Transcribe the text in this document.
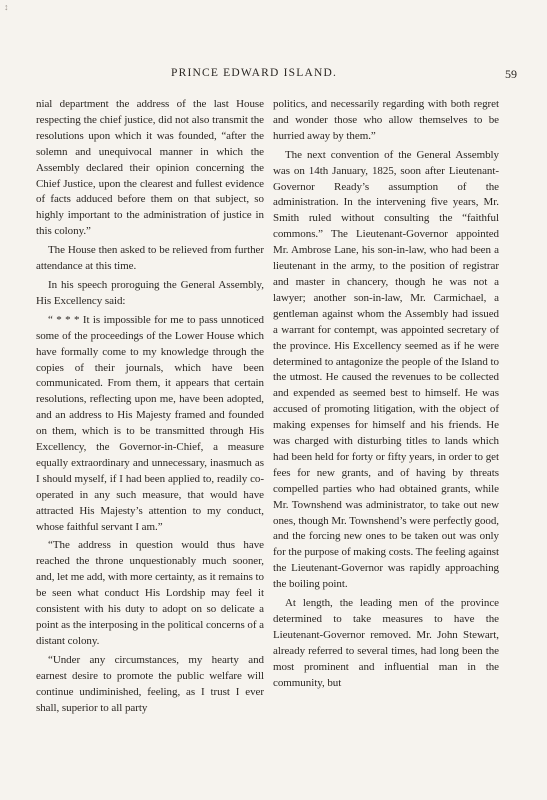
↕
PRINCE EDWARD ISLAND.	59

nial department the address of the last House respecting the chief justice, did not also transmit the resolutions upon which it was founded, “after the solemn and unequivocal manner in which the Assembly declared their opinion concerning the Chief Justice, upon the clearest and fullest evidence of facts adduced before them on that subject, so highly important to the administration of justice in this colony.”

The House then asked to be relieved from further attendance at this time.

In his speech proroguing the General Assembly, His Excellency said:

“ * * * It is impossible for me to pass unnoticed some of the proceedings of the Lower House which have formally come to my knowledge through the copies of their journals, which have been communicated. From them, it appears that certain resolutions, reflecting upon me, have been adopted, and an address to His Majesty framed and founded on them, which is to be transmitted through His Excellency, the Governor-in-Chief, a measure equally extraordinary and unnecessary, inasmuch as I should myself, if I had been applied to, readily co-operated in any such measure, that would have attracted His Majesty’s attention to my conduct, whose faithful servant I am.”

“The address in question would thus have reached the throne unquestionably much sooner, and, let me add, with more certainty, as it remains to be seen what conduct His Lordship may feel it consistent with his duty to adopt on so delicate a point as the interposing in the political concerns of a distant colony.

“Under any circumstances, my hearty and earnest desire to promote the public welfare will continue undiminished, feeling, as I trust I ever shall, superior to all party

politics, and necessarily regarding with both regret and wonder those who allow themselves to be hurried away by them.”

The next convention of the General Assembly was on 14th January, 1825, soon after Lieutenant-Governor Ready’s assumption of the administration. In the intervening five years, Mr. Smith ruled without consulting the “faithful commons.” The Lieutenant-Governor appointed Mr. Ambrose Lane, his son-in-law, who had been a lieutenant in the army, to the position of registrar and master in chancery, though he was not a lawyer; another son-in-law, Mr. Carmichael, a gentleman against whom the Assembly had issued a warrant for contempt, was appointed secretary of the province. His Excellency seemed as if he were determined to antagonize the people of the Island to the utmost. He caused the revenues to be collected and expended as seemed best to himself. He was accused of promoting litigation, with the object of making expenses for himself and his friends. He was charged with disturbing titles to lands which had been held for forty or fifty years, in order to get fees for new grants, and of having by threats compelled parties who had obtained grants, while Mr. Townshend was administrator, to take out new ones, though Mr. Townshend’s were perfectly good, and the forcing new ones to be taken out was only for the purpose of making costs. The feeling against the Lieutenant-Governor was rapidly approaching the boiling point.

At length, the leading men of the province determined to take measures to have the Lieutenant-Governor removed. Mr. John Stewart, already referred to several times, had long been the most prominent and influential man in the community, but
